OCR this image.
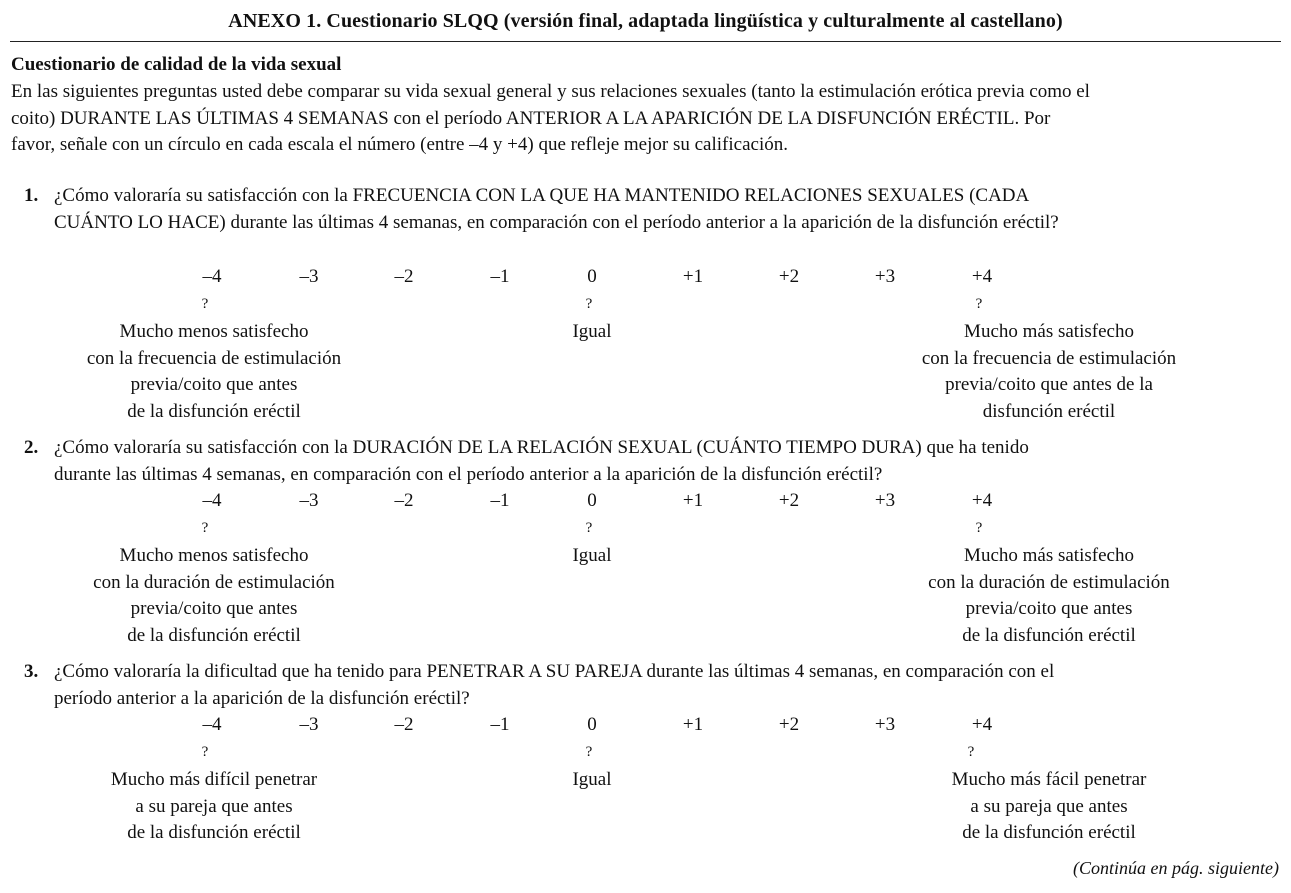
ANEXO 1. Cuestionario SLQQ (versión final, adaptada lingüística y culturalmente al castellano)
Cuestionario de calidad de la vida sexual
En las siguientes preguntas usted debe comparar su vida sexual general y sus relaciones sexuales (tanto la estimulación erótica previa como el
coito) DURANTE LAS ÚLTIMAS 4 SEMANAS con el período ANTERIOR A LA APARICIÓN DE LA DISFUNCIÓN ERÉCTIL. Por
favor, señale con un círculo en cada escala el número (entre –4 y +4) que refleje mejor su calificación.
1. ¿Cómo valoraría su satisfacción con la FRECUENCIA CON LA QUE HA MANTENIDO RELACIONES SEXUALES (CADA
CUÁNTO LO HACE) durante las últimas 4 semanas, en comparación con el período anterior a la aparición de la disfunción eréctil?
–4	–3	–2	–1	0	+1	+2	+3	+4
?	?	?
Mucho menos satisfecho
con la frecuencia de estimulación
previa/coito que antes
de la disfunción eréctil
Igual	Mucho más satisfecho
con la frecuencia de estimulación
previa/coito que antes de la
disfunción eréctil
2. ¿Cómo valoraría su satisfacción con la DURACIÓN DE LA RELACIÓN SEXUAL (CUÁNTO TIEMPO DURA) que ha tenido
durante las últimas 4 semanas, en comparación con el período anterior a la aparición de la disfunción eréctil?
–4	–3	–2	–1	0	+1	+2	+3	+4
?	?	?
Mucho menos satisfecho
con la duración de estimulación
previa/coito que antes
de la disfunción eréctil
Igual	Mucho más satisfecho
con la duración de estimulación
previa/coito que antes
de la disfunción eréctil
3. ¿Cómo valoraría la dificultad que ha tenido para PENETRAR A SU PAREJA durante las últimas 4 semanas, en comparación con el
período anterior a la aparición de la disfunción eréctil?
–4	–3	–2	–1	0	+1	+2	+3	+4
?	?	?
Mucho más difícil penetrar
a su pareja que antes
de la disfunción eréctil
Igual	Mucho más fácil penetrar
a su pareja que antes
de la disfunción eréctil
(Continúa en pág. siguiente)
